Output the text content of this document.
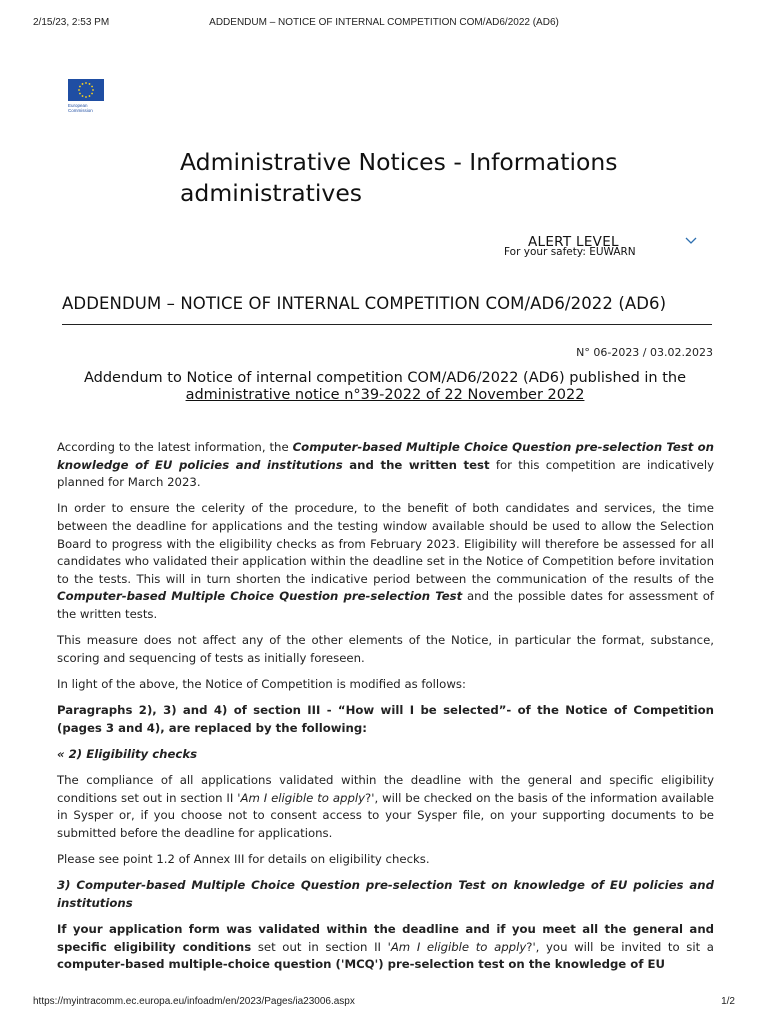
2/15/23, 2:53 PM	ADDENDUM – NOTICE OF INTERNAL COMPETITION COM/AD6/2022 (AD6)
European
Commission
Administrative Notices - Informations administratives
ALERT LEVEL
For your safety: EUWARN
ADDENDUM – NOTICE OF INTERNAL COMPETITION COM/AD6/2022 (AD6)
N° 06-2023 / 03.02.2023
Addendum to Notice of internal competition COM/AD6/2022 (AD6) published in the
administrative notice n°39-2022 of 22 November 2022

According to the latest information, the Computer-based Multiple Choice Question pre-selection Test on knowledge of EU policies and institutions and the written test for this competition are indicatively planned for March 2023.

In order to ensure the celerity of the procedure, to the benefit of both candidates and services, the time between the deadline for applications and the testing window available should be used to allow the Selection Board to progress with the eligibility checks as from February 2023. Eligibility will therefore be assessed for all candidates who validated their application within the deadline set in the Notice of Competition before invitation to the tests. This will in turn shorten the indicative period between the communication of the results of the Computer-based Multiple Choice Question pre-selection Test and the possible dates for assessment of the written tests.

This measure does not affect any of the other elements of the Notice, in particular the format, substance, scoring and sequencing of tests as initially foreseen.

In light of the above, the Notice of Competition is modified as follows:

Paragraphs 2), 3) and 4) of section III - “How will I be selected”- of the Notice of Competition (pages 3 and 4), are replaced by the following:

« 2) Eligibility checks

The compliance of all applications validated within the deadline with the general and specific eligibility conditions set out in section II 'Am I eligible to apply?', will be checked on the basis of the information available in Sysper or, if you choose not to consent access to your Sysper file, on your supporting documents to be submitted before the deadline for applications.

Please see point 1.2 of Annex III for details on eligibility checks.

3) Computer-based Multiple Choice Question pre-selection Test on knowledge of EU policies and institutions

If your application form was validated within the deadline and if you meet all the general and specific eligibility conditions set out in section II 'Am I eligible to apply?', you will be invited to sit a computer-based multiple-choice question ('MCQ') pre-selection test on the knowledge of EU

https://myintracomm.ec.europa.eu/infoadm/en/2023/Pages/ia23006.aspx	1/2
